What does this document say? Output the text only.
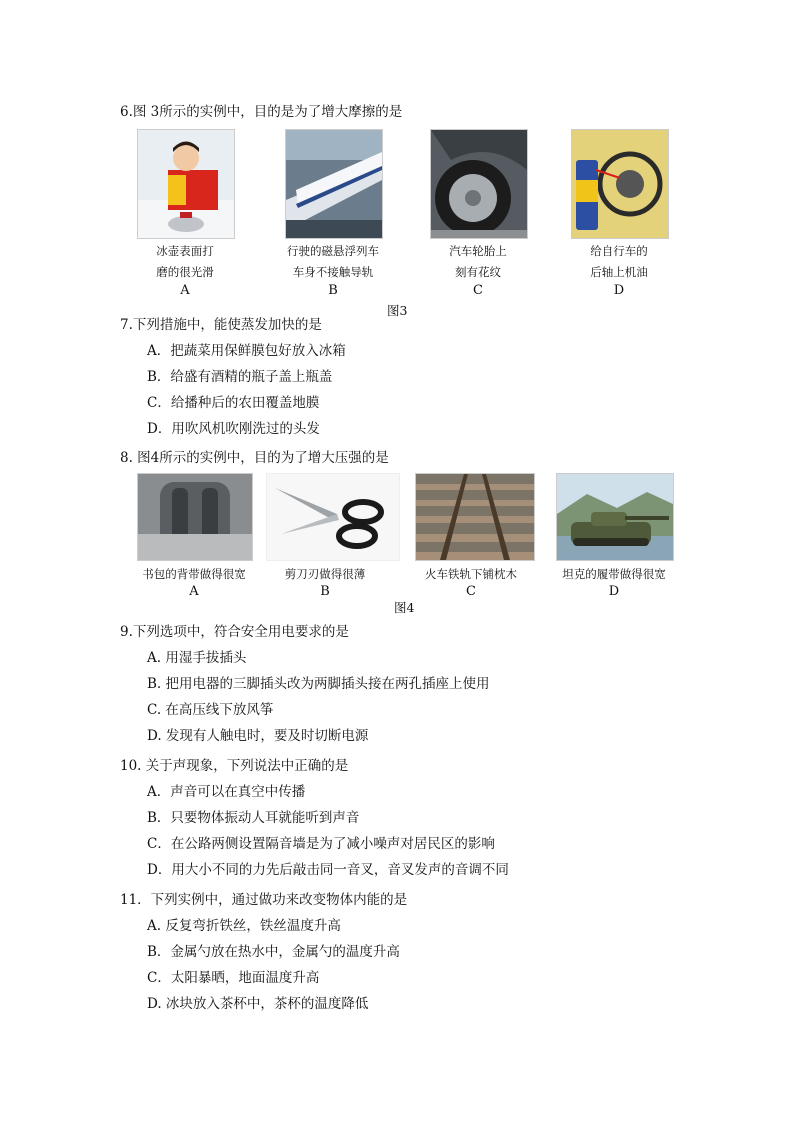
6.图 3所示的实例中，目的是为了增大摩擦的是
冰壶表面打
磨的很光滑
A
行驶的磁悬浮列车
车身不接触导轨
B
汽车轮胎上
刻有花纹
C
给自行车的
后轴上机油
D
图3
7.下列措施中，能使蒸发加快的是
A．把蔬菜用保鲜膜包好放入冰箱
B．给盛有酒精的瓶子盖上瓶盖
C．给播种后的农田覆盖地膜
D．用吹风机吹刚洗过的头发
8. 图4所示的实例中，目的为了增大压强的是
书包的背带做得很宽
A
剪刀刃做得很薄
B
火车铁轨下铺枕木
C
坦克的履带做得很宽
D
图4
9.下列选项中，符合安全用电要求的是
A. 用湿手拔插头
B. 把用电器的三脚插头改为两脚插头接在两孔插座上使用
C. 在高压线下放风筝
D. 发现有人触电时，要及时切断电源
10. 关于声现象，下列说法中正确的是
A．声音可以在真空中传播
B．只要物体振动人耳就能听到声音
C．在公路两侧设置隔音墙是为了减小噪声对居民区的影响
D．用大小不同的力先后敲击同一音叉，音叉发声的音调不同
11．下列实例中，通过做功来改变物体内能的是
A. 反复弯折铁丝，铁丝温度升高
B．金属勺放在热水中，金属勺的温度升高
C．太阳暴晒，地面温度升高
D. 冰块放入茶杯中，茶杯的温度降低
